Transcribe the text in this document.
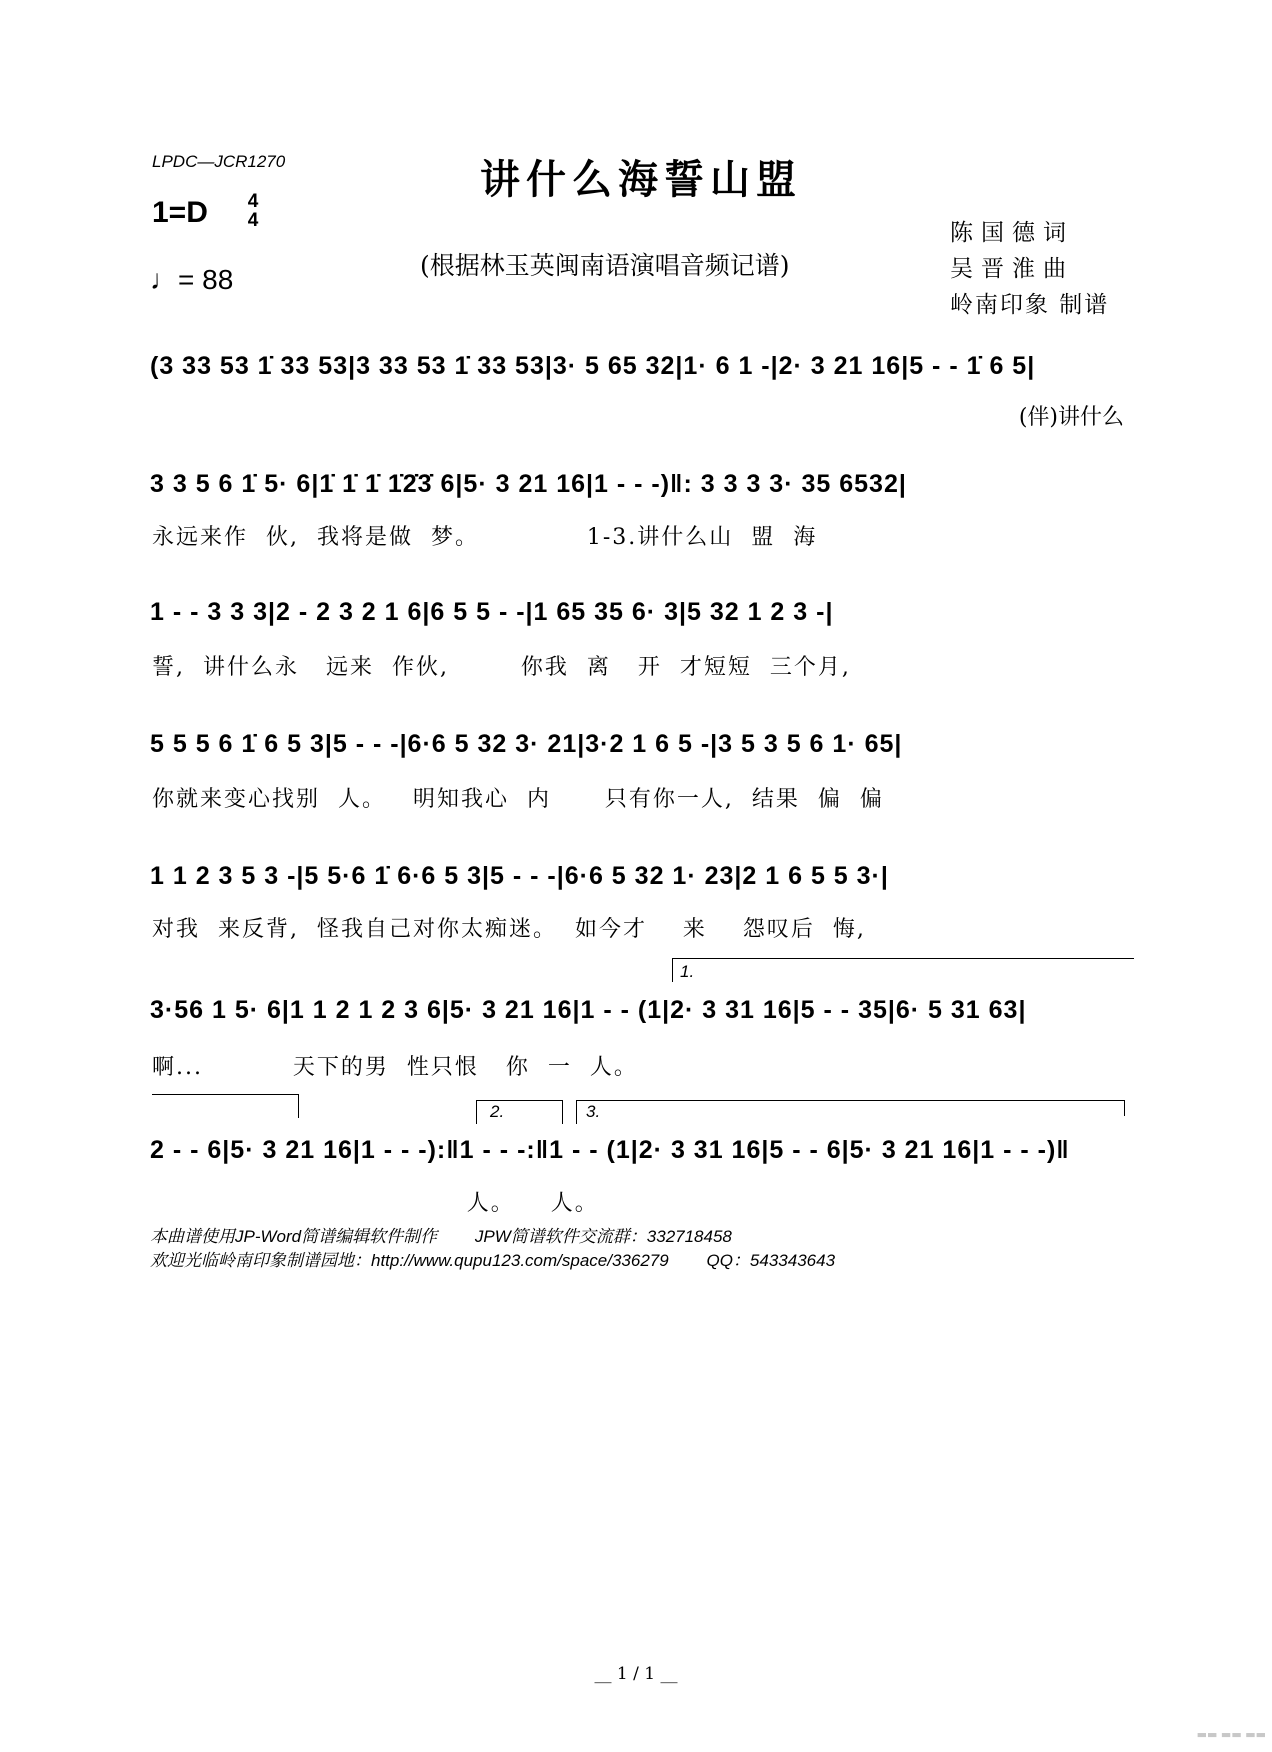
LPDC—JCR1270	讲什么海誓山盟
1=D	4
4
♩= 88	(根据林玉英闽南语演唱音频记谱)
陈国德词
吴晋淮曲
岭南印象 制谱
(3 33 53 1̇ 33 53|3 33 53 1̇ 33 53|3· 5 65 32|1· 6 1 -|2· 3 21 16|5 - - 1̇ 6 5|
(伴)讲什么
3 3 5 6 1̇ 5· 6|1̇ 1̇ 1̇ 1̇2̇3̇ 6|5· 3 21 16|1 - - -)‖: 3 3 3 3· 35 6532|
永远来作  伙,  我将是做  梦。            1-3.讲什么山  盟  海
1 - - 3 3 3|2 - 2 3 2 1 6|6 5 5 - -|1 65 35 6· 3|5 32 1 2 3 -|
誓,  讲什么永   远来  作伙,        你我  离   开  才短短  三个月,
5 5 5 6 1̇ 6 5 3|5 - - -|6·6 5 32 3· 21|3·2 1 6 5 -|3 5 3 5 6 1· 65|
你就来变心找别  人。   明知我心  内      只有你一人,  结果  偏  偏
1 1 2 3 5 3 -|5 5·6 1̇ 6·6 5 3|5 - - -|6·6 5 32 1· 23|2 1 6 5 5 3·|
对我  来反背,  怪我自己对你太痴迷。  如今才    来    怨叹后  悔,
1.
3·56 1 5· 6|1 1 2 1 2 3 6|5· 3 21 16|1 - - (1|2· 3 31 16|5 - - 35|6· 5 31 63|
啊...          天下的男  性只恨   你  一  人。
2.	3.
2 - - 6|5· 3 21 16|1 - - -):‖1 - - -:‖1 - - (1|2· 3 31 16|5 - - 6|5· 3 21 16|1 - - -)‖
人。    人。
本曲谱使用JP-Word简谱编辑软件制作        JPW简谱软件交流群：332718458
欢迎光临岭南印象制谱园地：http://www.qupu123.com/space/336279        QQ：543343643
__ 1 / 1 __
▬▬ ▬▬ ▬▬
